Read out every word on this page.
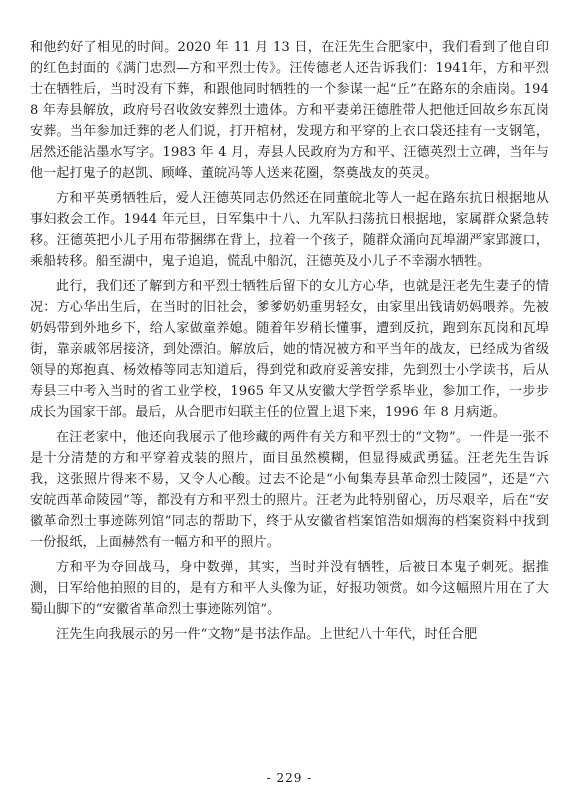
和他约好了相见的时间。2020 年 11 月 13 日，在汪先生合肥家中，我们看到了他自印的红色封面的《满门忠烈—方和平烈士传》。汪传德老人还告诉我们：1941年，方和平烈士在牺牲后，当时没有下葬，和跟他同时牺牲的一个参谋一起“丘”在路东的余庙岗。1948 年寿县解放，政府号召收敛安葬烈士遗体。方和平妻弟汪德胜带人把他迁回故乡东瓦岗安葬。当年参加迁葬的老人们说，打开棺材，发现方和平穿的上衣口袋还挂有一支钢笔，居然还能沾墨水写字。1983 年 4 月，寿县人民政府为方和平、汪德英烈士立碑，当年与他一起打鬼子的赵凯、顾峰、董皖冯等人送来花圈，祭奠战友的英灵。

方和平英勇牺牲后，爱人汪德英同志仍然还在同董皖北等人一起在路东抗日根据地从事妇救会工作。1944 年元旦，日军集中十八、九军队扫荡抗日根据地，家属群众紧急转移。汪德英把小儿子用布带捆绑在背上，拉着一个孩子，随群众涌向瓦埠湖严家郢渡口，乘船转移。船至湖中，鬼子追追，慌乱中船沉，汪德英及小儿子不幸溺水牺牲。

此行，我们还了解到方和平烈士牺牲后留下的女儿方心华，也就是汪老先生妻子的情况：方心华出生后，在当时的旧社会，爹爹奶奶重男轻女，由家里出钱请奶妈喂养。先被奶妈带到外地乡下，给人家做童养媳。随着年岁稍长懂事，遭到反抗，跑到东瓦岗和瓦埠街，靠亲戚邻居接济，到处漂泊。解放后，她的情况被方和平当年的战友，已经成为省级领导的郑抱真、杨效椿等同志知道后，得到党和政府妥善安排，先到烈士小学读书，后从寿县三中考入当时的省工业学校，1965 年又从安徽大学哲学系毕业，参加工作，一步步成长为国家干部。最后，从合肥市妇联主任的位置上退下来，1996 年 8 月病逝。

在汪老家中，他还向我展示了他珍藏的两件有关方和平烈士的“文物”。一件是一张不是十分清楚的方和平穿着戎装的照片，面目虽然模糊，但显得威武勇猛。汪老先生告诉我，这张照片得来不易，又令人心酸。过去不论是“小甸集寿县革命烈士陵园”，还是“六安皖西革命陵园”等，都没有方和平烈士的照片。汪老为此特别留心，历尽艰辛，后在“安徽革命烈士事迹陈列馆”同志的帮助下，终于从安徽省档案馆浩如烟海的档案资料中找到一份报纸，上面赫然有一幅方和平的照片。

方和平为夺回战马，身中数弹，其实，当时并没有牺牲，后被日本鬼子刺死。据推测，日军给他拍照的目的，是有方和平人头像为证，好报功领赏。如今这幅照片用在了大蜀山脚下的“安徽省革命烈士事迹陈列馆”。

汪先生向我展示的另一件“文物”是书法作品。上世纪八十年代，时任合肥

- 229 -
